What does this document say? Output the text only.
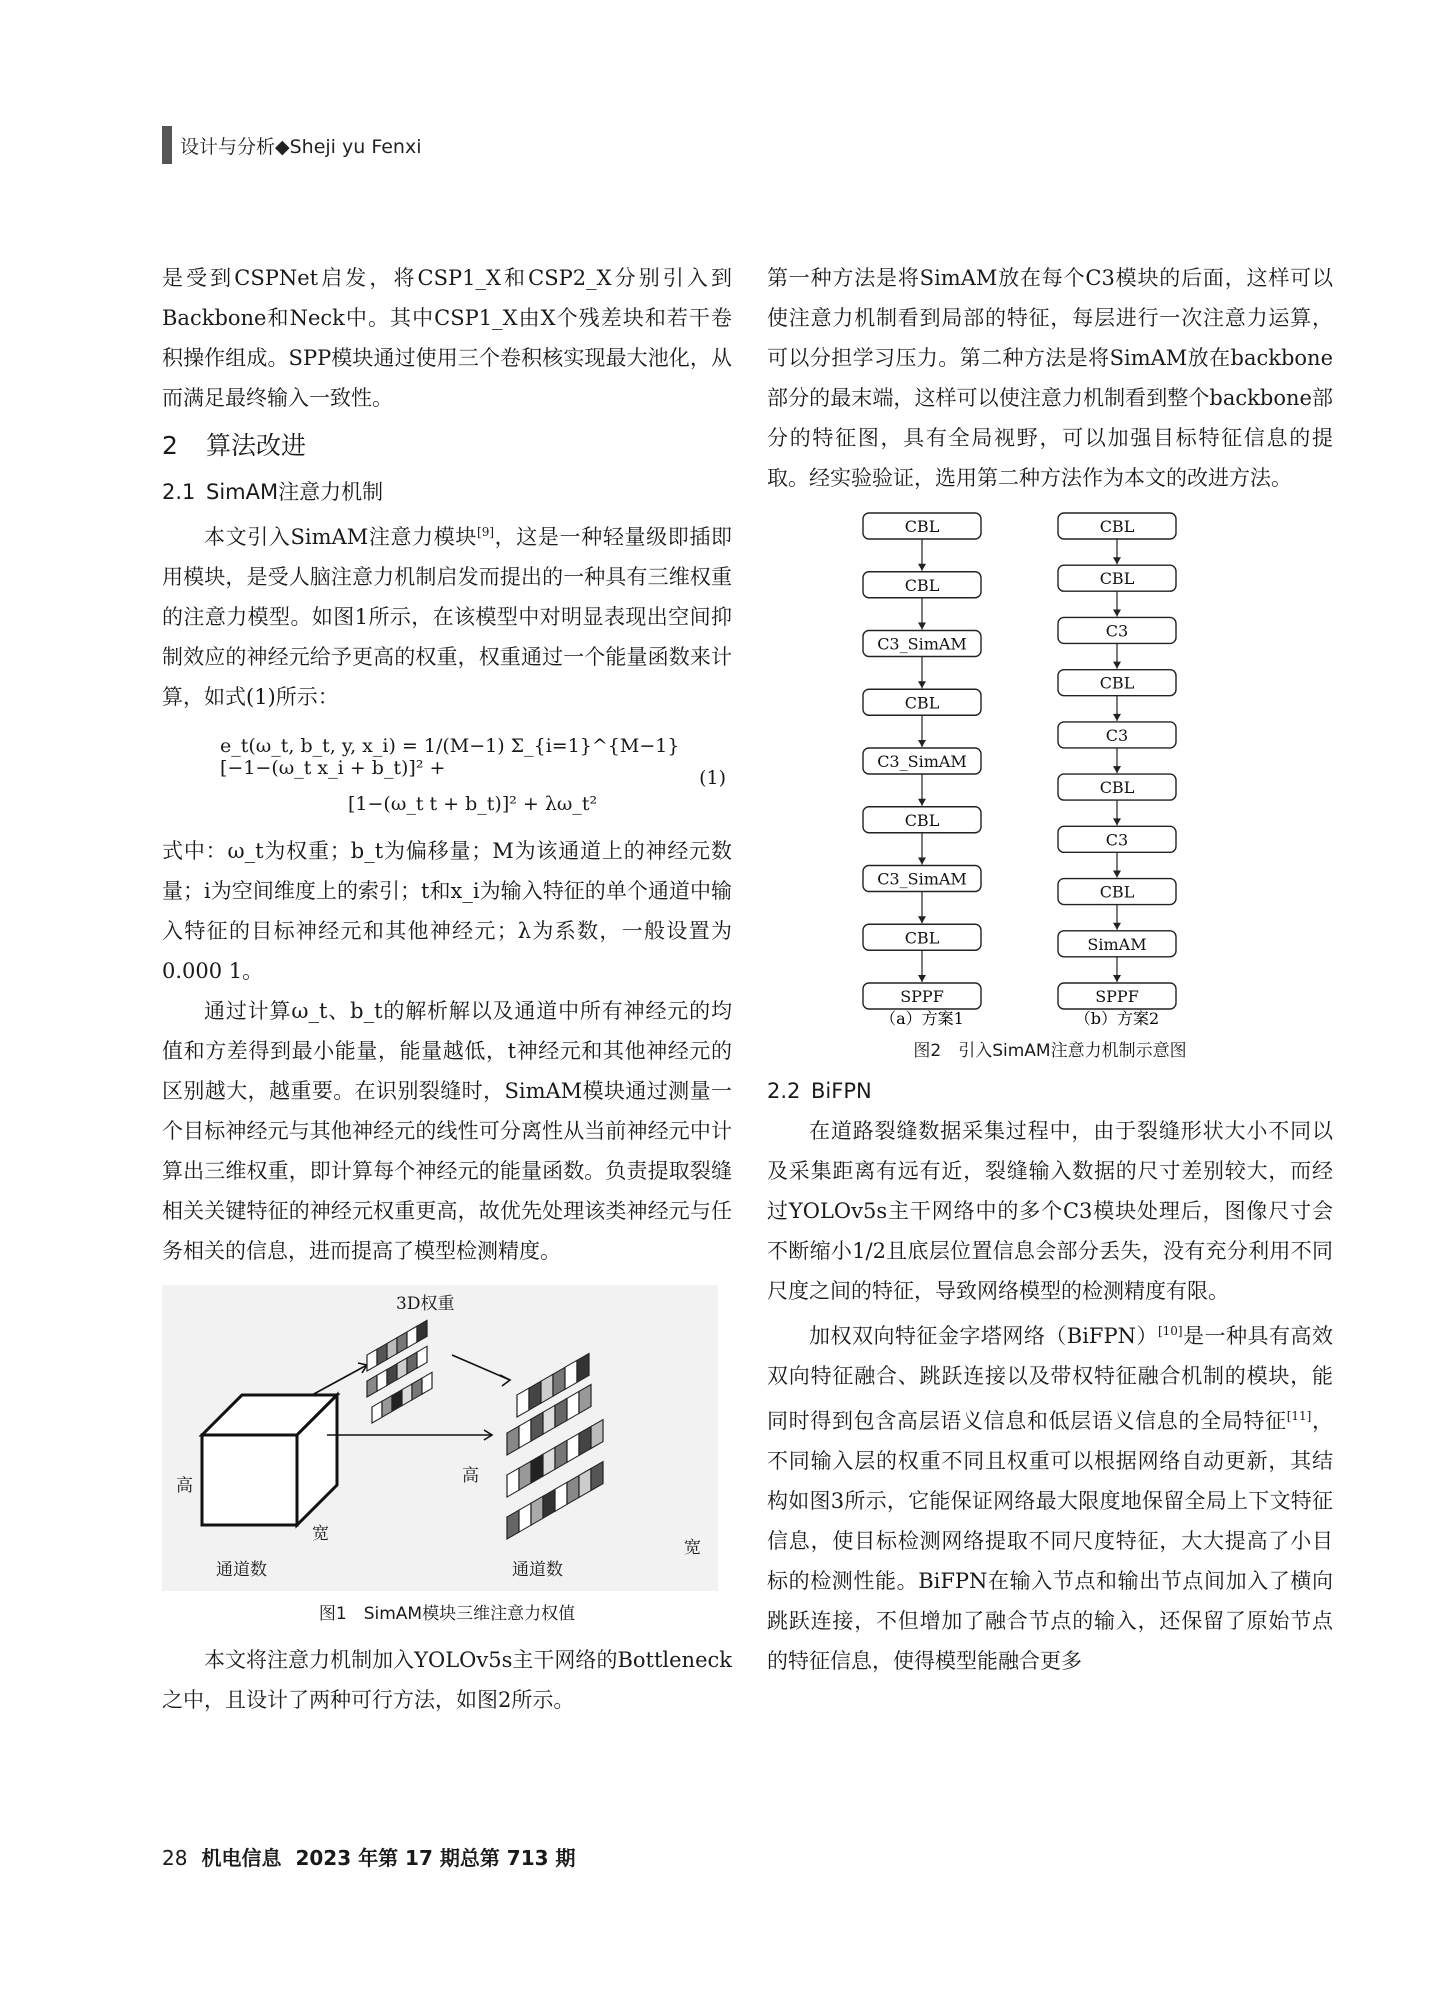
设计与分析◆Sheji yu Fenxi

是受到CSPNet启发，将CSP1_X和CSP2_X分别引入到Backbone和Neck中。其中CSP1_X由X个残差块和若干卷积操作组成。SPP模块通过使用三个卷积核实现最大池化，从而满足最终输入一致性。

2 算法改进
2.1 SimAM注意力机制

本文引入SimAM注意力模块[9]，这是一种轻量级即插即用模块，是受人脑注意力机制启发而提出的一种具有三维权重的注意力模型。如图1所示，在该模型中对明显表现出空间抑制效应的神经元给予更高的权重，权重通过一个能量函数来计算，如式(1)所示：

e_t(ω_t, b_t, y, x_i) = 1/(M−1) Σ_{i=1}^{M−1} [−1−(ω_t x_i + b_t)]² +
[1−(ω_t t + b_t)]² + λω_t²
(1)

式中：ω_t为权重；b_t为偏移量；M为该通道上的神经元数量；i为空间维度上的索引；t和x_i为输入特征的单个通道中输入特征的目标神经元和其他神经元；λ为系数，一般设置为0.000 1。

通过计算ω_t、b_t的解析解以及通道中所有神经元的均值和方差得到最小能量，能量越低，t神经元和其他神经元的区别越大，越重要。在识别裂缝时，SimAM模块通过测量一个目标神经元与其他神经元的线性可分离性从当前神经元中计算出三维权重，即计算每个神经元的能量函数。负责提取裂缝相关关键特征的神经元权重更高，故优先处理该类神经元与任务相关的信息，进而提高了模型检测精度。

3D权重
高
宽
通道数
高
宽
通道数
图1　SimAM模块三维注意力权值

本文将注意力机制加入YOLOv5s主干网络的Bottleneck之中，且设计了两种可行方法，如图2所示。

第一种方法是将SimAM放在每个C3模块的后面，这样可以使注意力机制看到局部的特征，每层进行一次注意力运算，可以分担学习压力。第二种方法是将SimAM放在backbone部分的最末端，这样可以使注意力机制看到整个backbone部分的特征图，具有全局视野，可以加强目标特征信息的提取。经实验验证，选用第二种方法作为本文的改进方法。

CBL
CBL
C3_SimAM
CBL
C3_SimAM
CBL
C3_SimAM
CBL
SPPF
CBL
CBL
C3
CBL
C3
CBL
C3
CBL
SimAM
SPPF
（a）方案1	（b）方案2
图2　引入SimAM注意力机制示意图
2.2 BiFPN

在道路裂缝数据采集过程中，由于裂缝形状大小不同以及采集距离有远有近，裂缝输入数据的尺寸差别较大，而经过YOLOv5s主干网络中的多个C3模块处理后，图像尺寸会不断缩小1/2且底层位置信息会部分丢失，没有充分利用不同尺度之间的特征，导致网络模型的检测精度有限。

加权双向特征金字塔网络（BiFPN）[10]是一种具有高效双向特征融合、跳跃连接以及带权特征融合机制的模块，能同时得到包含高层语义信息和低层语义信息的全局特征[11]，不同输入层的权重不同且权重可以根据网络自动更新，其结构如图3所示，它能保证网络最大限度地保留全局上下文特征信息，使目标检测网络提取不同尺度特征，大大提高了小目标的检测性能。BiFPN在输入节点和输出节点间加入了横向跳跃连接，不但增加了融合节点的输入，还保留了原始节点的特征信息，使得模型能融合更多

28 机电信息 2023 年第 17 期总第 713 期
